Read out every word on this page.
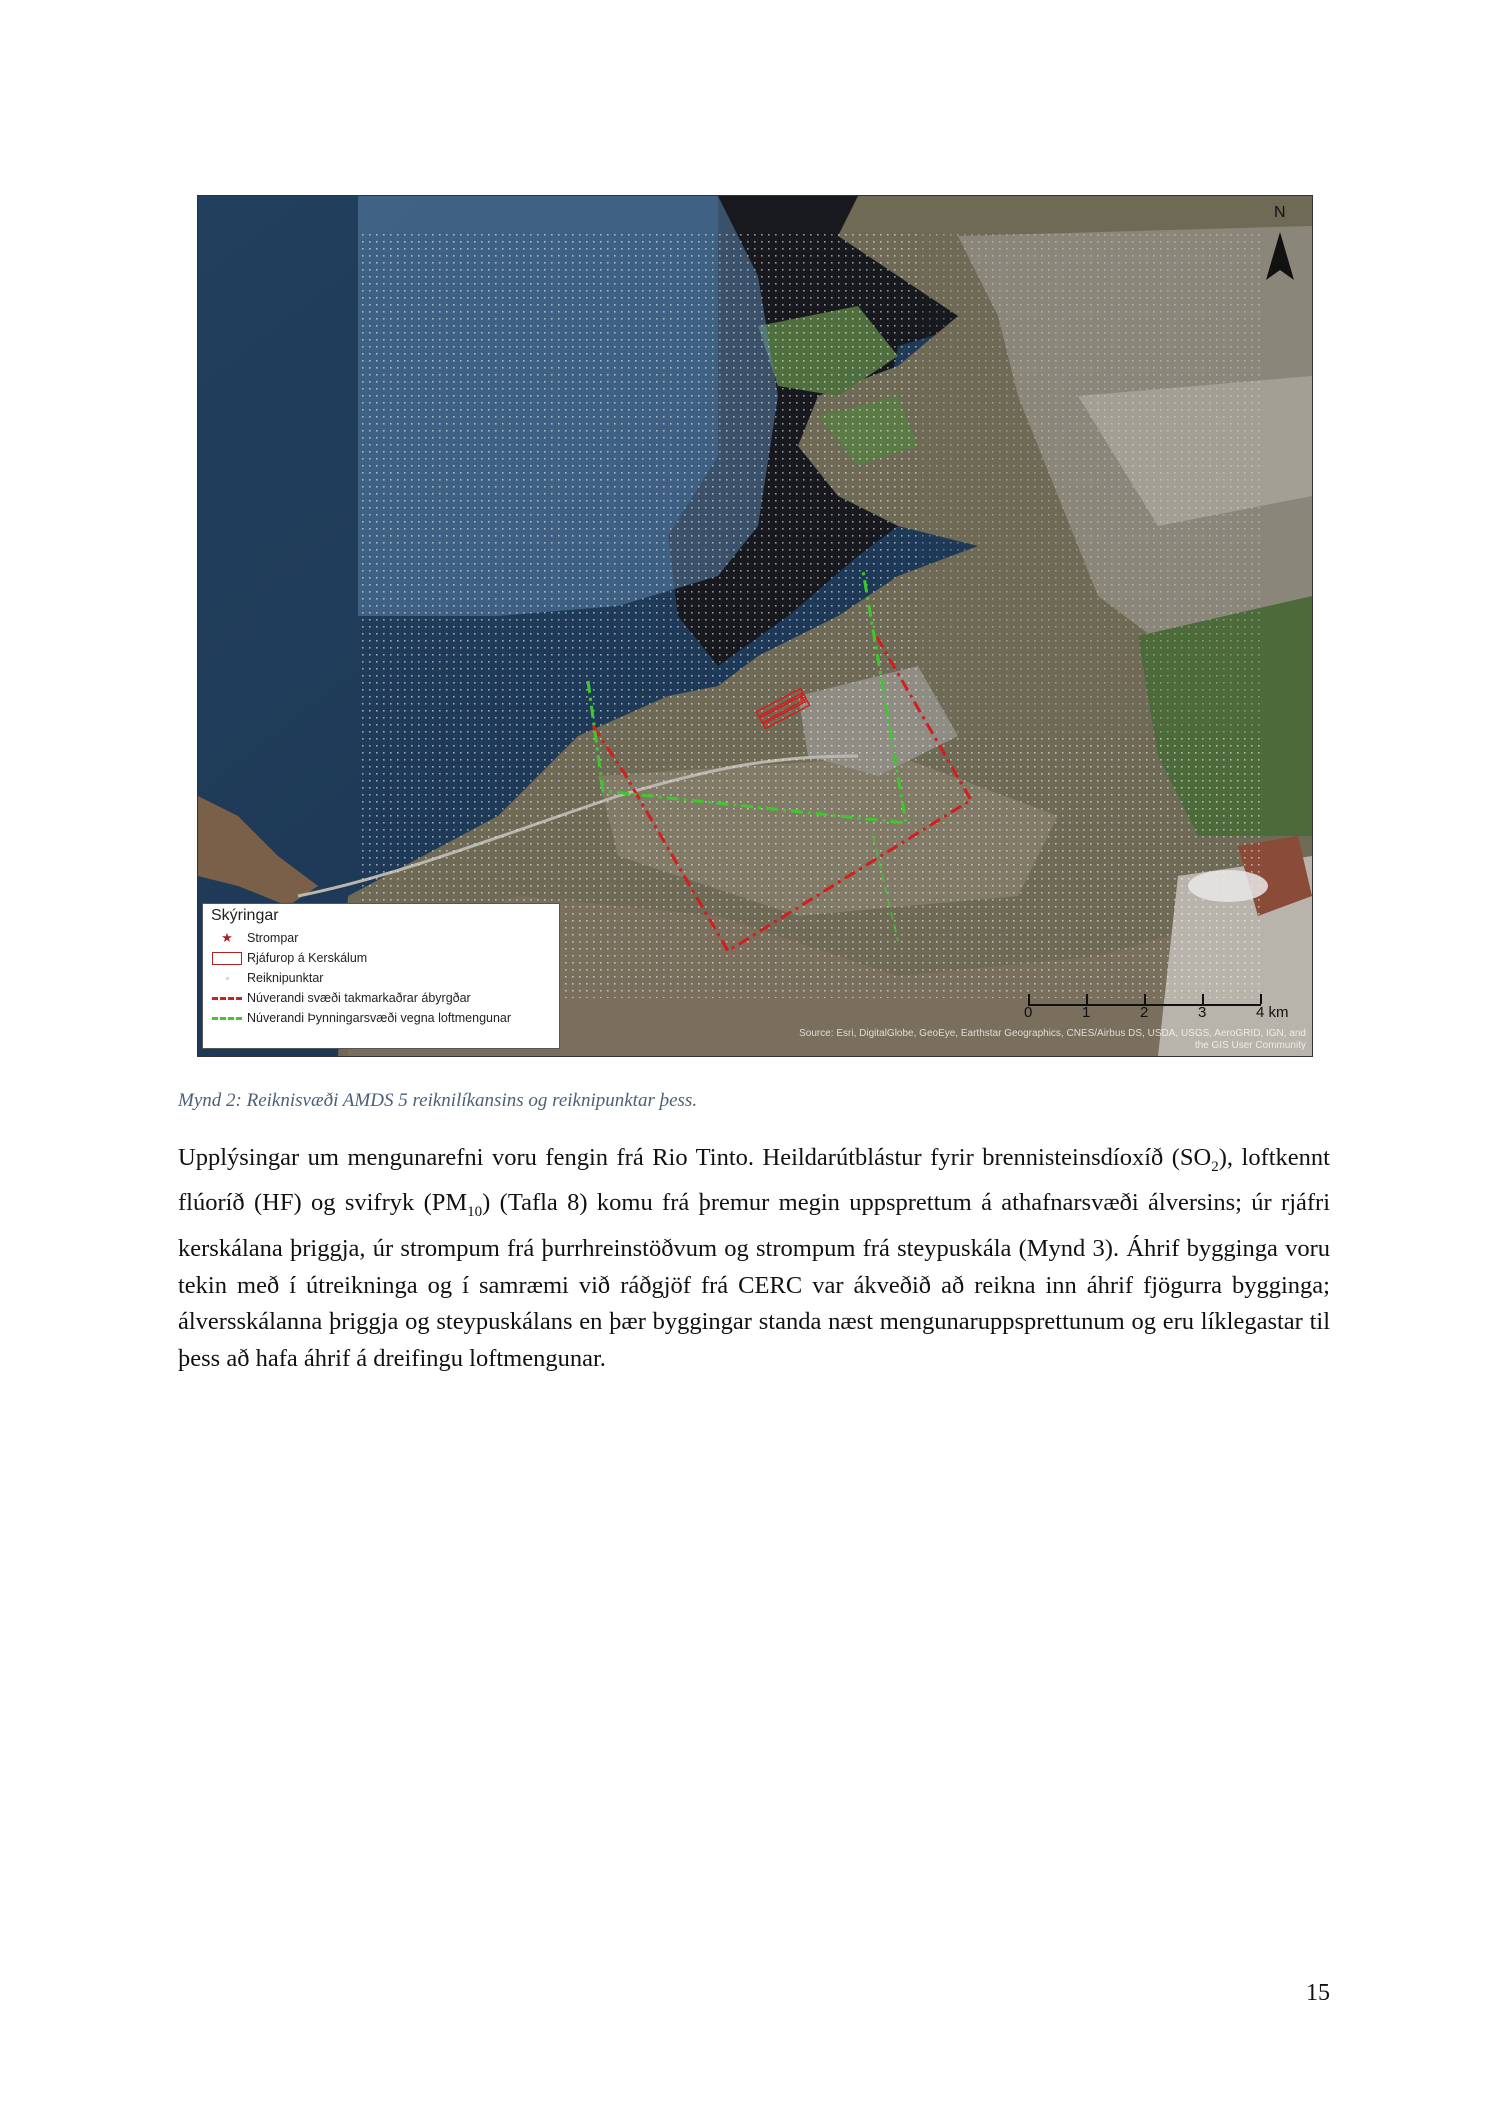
★
N
Skýringar
★ Strompar
Rjáfurop á Kerskálum
Reiknipunktar
Núverandi svæði takmarkaðrar ábyrgðar
Núverandi Þynningarsvæði vegna loftmengunar	0	1	2	3	4 km
Source: Esri, DigitalGlobe, GeoEye, Earthstar Geographics, CNES/Airbus DS, USDA, USGS, AeroGRID, IGN, and
the GIS User Community
Mynd 2: Reiknisvæði AMDS 5 reiknilíkansins og reiknipunktar þess.

Upplýsingar um mengunarefni voru fengin frá Rio Tinto. Heildarútblástur fyrir brennisteinsdíoxíð $(SO_2)$, loftkennt flúoríð (HF) og svifryk $(PM_{10})$ (Tafla 8) komu frá þremur megin uppsprettum á athafnarsvæði álversins; úr rjáfri kerskálana þriggja, úr strompum frá þurrhreinstöðvum og strompum frá steypuskála (Mynd 3). Áhrif bygginga voru tekin með í útreikninga og í samræmi við ráðgjöf frá CERC var ákveðið að reikna inn áhrif fjögurra bygginga; álversskálanna þriggja og steypuskálans en þær byggingar standa næst mengunaruppsprettunum og eru líklegastar til þess að hafa áhrif á dreifingu loftmengunar.

15
